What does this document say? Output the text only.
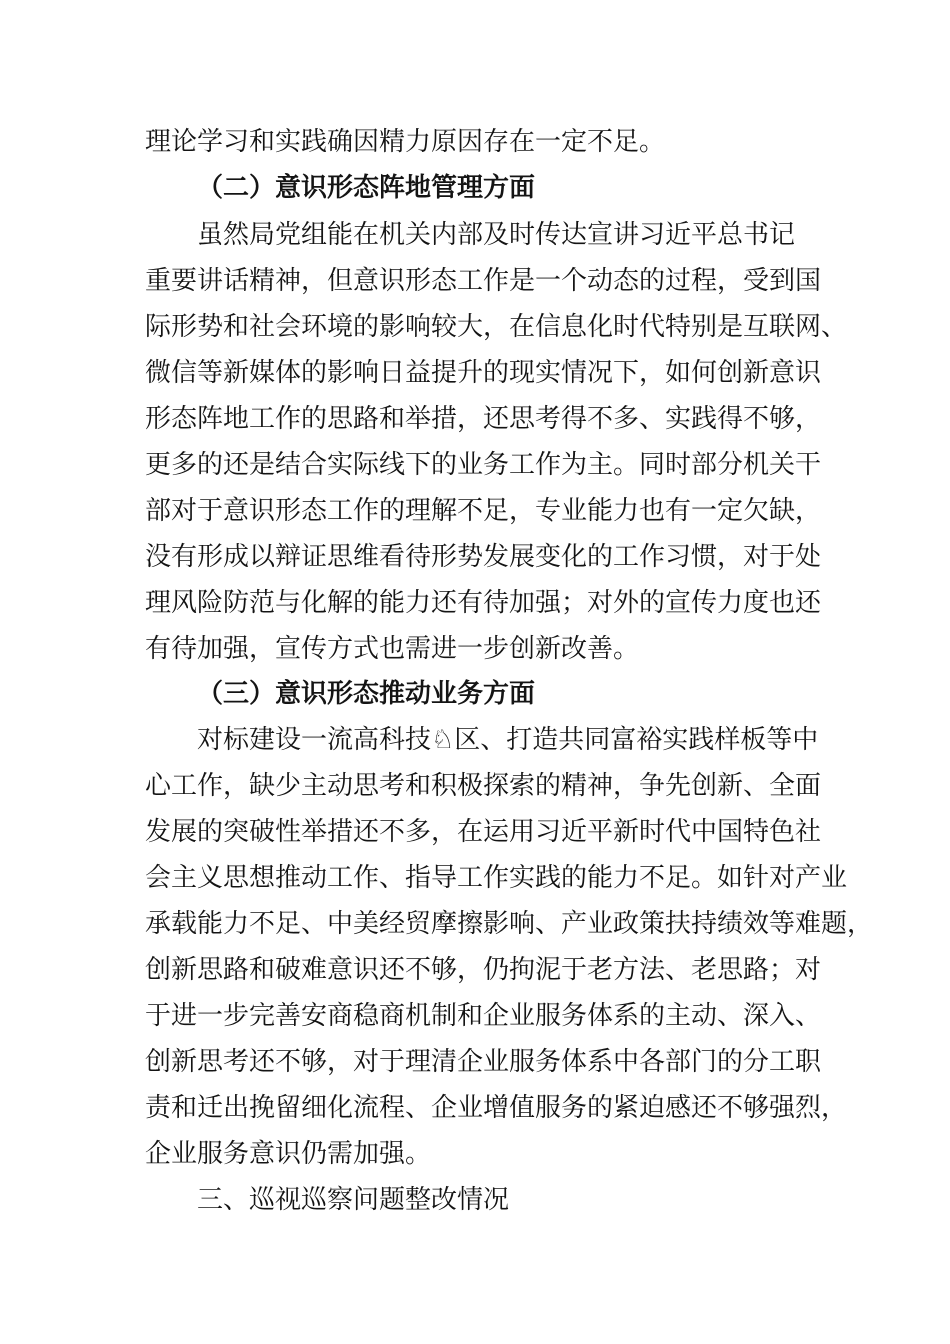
理论学习和实践确因精力原因存在一定不足。
（二）意识形态阵地管理方面
虽然局党组能在机关内部及时传达宣讲习近平总书记
重要讲话精神，但意识形态工作是一个动态的过程，受到国
际形势和社会环境的影响较大，在信息化时代特别是互联网、
微信等新媒体的影响日益提升的现实情况下，如何创新意识
形态阵地工作的思路和举措，还思考得不多、实践得不够，
更多的还是结合实际线下的业务工作为主。同时部分机关干
部对于意识形态工作的理解不足，专业能力也有一定欠缺，
没有形成以辩证思维看待形势发展变化的工作习惯，对于处
理风险防范与化解的能力还有待加强；对外的宣传力度也还
有待加强，宣传方式也需进一步创新改善。
（三）意识形态推动业务方面
对标建设一流高科技♘区、打造共同富裕实践样板等中
心工作，缺少主动思考和积极探索的精神，争先创新、全面
发展的突破性举措还不多，在运用习近平新时代中国特色社
会主义思想推动工作、指导工作实践的能力不足。如针对产业
承载能力不足、中美经贸摩擦影响、产业政策扶持绩效等难题，
创新思路和破难意识还不够，仍拘泥于老方法、老思路；对
于进一步完善安商稳商机制和企业服务体系的主动、深入、
创新思考还不够，对于理清企业服务体系中各部门的分工职
责和迁出挽留细化流程、企业增值服务的紧迫感还不够强烈，
企业服务意识仍需加强。
三、巡视巡察问题整改情况
